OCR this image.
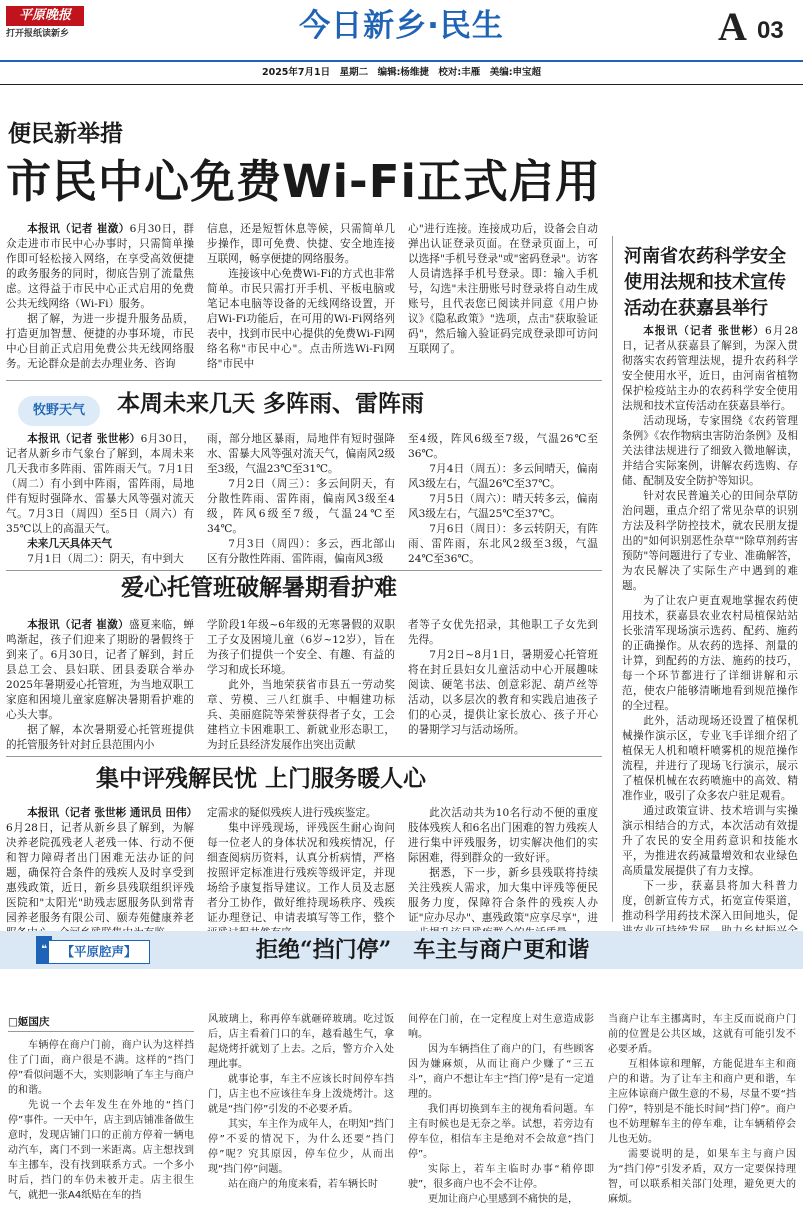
平原晚报
打开报纸读新乡	今日新乡·民生	A 03
2025年7月1日　星期二　编辑:杨维捷　校对:丰雁　美编:申宝超
便民新举措
市民中心免费Wi-Fi正式启用

本报讯（记者 崔潋）6月30日，群众走进市市民中心办事时，只需简单操作即可轻松接入网络，在享受高效便捷的政务服务的同时，彻底告别了流量焦虑。这得益于市民中心正式启用的免费公共无线网络（Wi-Fi）服务。

据了解，为进一步提升服务品质，打造更加智慧、便捷的办事环境，市民中心目前正式启用免费公共无线网络服务。无论群众是前去办理业务、咨询

信息，还是短暂休息等候，只需简单几步操作，即可免费、快捷、安全地连接互联网，畅享便捷的网络服务。

连接该中心免费Wi-Fi的方式也非常简单。市民只需打开手机、平板电脑或笔记本电脑等设备的无线网络设置，开启Wi-Fi功能后，在可用的Wi-Fi网络列表中，找到市民中心提供的免费Wi-Fi网络名称"市民中心"。点击所选Wi-Fi网络"市民中

心"进行连接。连接成功后，设备会自动弹出认证登录页面。在登录页面上，可以选择"手机号登录"或"密码登录"。访客人员请选择手机号登录。即：输入手机号，勾选"未注册账号时登录将自动生成账号，且代表您已阅读并同意《用户协议》《隐私政策》"选项，点击"获取验证码"，然后输入验证码完成登录即可访问互联网了。

河南省农药科学安全使用法规和技术宣传活动在获嘉县举行

本报讯（记者 张世彬）6月28日，记者从获嘉县了解到，为深入贯彻落实农药管理法规，提升农药科学安全使用水平，近日，由河南省植物保护检疫站主办的农药科学安全使用法规和技术宣传活动在获嘉县举行。

活动现场，专家围绕《农药管理条例》《农作物病虫害防治条例》及相关法律法规进行了细致入微地解读，并结合实际案例，讲解农药选购、存储、配制及安全防护等知识。

针对农民普遍关心的田间杂草防治问题，重点介绍了常见杂草的识别方法及科学防控技术，就农民朋友提出的"如何识别恶性杂草""除草剂药害预防"等问题进行了专业、准确解答，为农民解决了实际生产中遇到的难题。

为了让农户更直观地掌握农药使用技术，获嘉县农业农村局植保站站长张清军现场演示选药、配药、施药的正确操作。从农药的选择、剂量的计算，到配药的方法、施药的技巧，每一个环节都进行了详细讲解和示范，使农户能够清晰地看到规范操作的全过程。

此外，活动现场还设置了植保机械操作演示区，专业飞手详细介绍了植保无人机和喷杆喷雾机的规范操作流程，并进行了现场飞行演示，展示了植保机械在农药喷施中的高效、精准作业，吸引了众多农户驻足观看。

通过政策宣讲、技术培训与实操演示相结合的方式，本次活动有效提升了农民的安全用药意识和技能水平，为推进农药减量增效和农业绿色高质量发展提供了有力支撑。

下一步，获嘉县将加大科普力度，创新宣传方式，拓宽宣传渠道，推动科学用药技术深入田间地头，促

牧野天气	本周未来几天 多阵雨、雷阵雨

本报讯（记者 张世彬）6月30日，记者从新乡市气象台了解到，本周未来几天我市多阵雨、雷阵雨天气。7月1日（周二）有小到中阵雨，雷阵雨，局地伴有短时强降水、雷暴大风等强对流天气。7月3日（周四）至5日（周六）有35℃以上的高温天气。

未来几天具体天气

7月1日（周二）：阴天，有中到大

雨，部分地区暴雨，局地伴有短时强降水、雷暴大风等强对流天气，偏南风2级至3级，气温23℃至31℃。

7月2日（周三）：多云间阴天，有分散性阵雨、雷阵雨，偏南风3级至4级，阵风6级至7级，气温24℃至34℃。

7月3日（周四）：多云，西北部山区有分散性阵雨、雷阵雨，偏南风3级

至4级，阵风6级至7级，气温26℃至36℃。

7月4日（周五）：多云间晴天，偏南风3级左右，气温26℃至37℃。

7月5日（周六）：晴天转多云，偏南风3级左右，气温25℃至37℃。

7月6日（周日）：多云转阴天，有阵雨、雷阵雨，东北风2级至3级，气温24℃至36℃。

爱心托管班破解暑期看护难

本报讯（记者 崔潋）盛夏来临，蝉鸣渐起，孩子们迎来了期盼的暑假终于到来了。6月30日，记者了解到，封丘县总工会、县妇联、团县委联合举办2025年暑期爱心托管班，为当地双职工家庭和困境儿童家庭解决暑期看护难的心头大事。

据了解，本次暑期爱心托管班提供的托管服务针对封丘县范围内小

学阶段1年级~6年级的无寒暑假的双职工子女及困境儿童（6岁~12岁），旨在为孩子们提供一个安全、有趣、有益的学习和成长环境。

此外，当地荣获省市县五一劳动奖章、劳模、三八红旗手、中帼建功标兵、美丽庭院等荣誉获得者子女，工会建档立卡困难职工、新就业形态职工，为封丘县经济发展作出突出贡献

者等子女优先招录，其他职工子女先到先得。

7月2日~8月1日，暑期爱心托管班将在封丘县妇女儿童活动中心开展趣味阅读、硬笔书法、创意彩泥、葫芦丝等活动，以多层次的教育和实践启迪孩子们的心灵，提供让家长放心、孩子开心的暑期学习与活动场所。

集中评残解民忧 上门服务暖人心

本报讯（记者 张世彬 通讯员 田伟）6月28日，记者从新乡县了解到，为解决养老院孤残老人老残一体、行动不便和智力障碍者出门困难无法办证的问题，确保符合条件的残疾人及时享受到惠残政策，近日，新乡县残联组织评残医院和"太阳光"助残志愿服务队到常青园养老服务有限公司、颐寿苑健康养老

定需求的疑似残疾人进行残疾鉴定。

集中评残现场，评残医生耐心询问每一位老人的身体状况和残疾情况，仔细查阅病历资料，认真分析病情，严格按照评定标准进行残疾等级评定，并现场给予康复指导建议。工作人员及志愿者分工协作，做好维持现场秩序、残疾证办理登记、申请表填写等工作，整个

此次活动共为10名行动不便的重度肢体残疾人和6名出门困难的智力残疾人进行集中评残服务，切实解决他们的实际困难，得到群众的一致好评。

据悉，下一步，新乡县残联将持续关注残疾人需求，加大集中评残等便民服务力度，保障符合条件的残疾人办证"应办尽办"、惠残政策"应享尽享"，进

❝	【平原腔声】	拒绝“挡门停”　车主与商户更和谐
□姬国庆

车辆停在商户门前，商户认为这样挡住了门面，商户很是不满。这样的“挡门停”看似问题不大，实则影响了车主与商户的和谐。

先说一个去年发生在外地的“挡门停”事件。一天中午，店主到店铺准备做生意时，发现店铺门口的正前方停着一辆电动汽车，离门不到一米距离。店主想找到车主挪车，没有找到联系方式。一个多小时后，挡门的车仍未被开走。店主很生气，就把一张A4纸贴在车的挡

风玻璃上，称再停车就砸碎玻璃。吃过饭后，店主看着门口的车，越看越生气，拿起烧烤扦就划了上去。之后，警方介入处理此事。

就事论事，车主不应该长时间停车挡门，店主也不应该往车身上泼烧烤汁。这就是“挡门停”引发的不必要矛盾。

其实，车主作为成年人，在明知“挡门停”不妥的情况下，为什么还要“挡门停”呢？究其原因，停车位少，从而出现“挡门停”问题。

站在商户的角度来看，若车辆长时

间停在门前，在一定程度上对生意造成影响。

因为车辆挡住了商户的门，有些顾客因为嫌麻烦，从而让商户少赚了“三五斗”，商户不想让车主“挡门停”是有一定道理的。

我们再切换到车主的视角看问题。车主有时候也是无奈之举。试想，若旁边有停车位，相信车主是绝对不会故意“挡门停”。

实际上，若车主临时办事“稍停即驶”，很多商户也不会不让停。

更加让商户心里感到不痛快的是，

当商户让车主挪离时，车主反而说商户门前的位置是公共区域，这就有可能引发不必要矛盾。

互相体谅和理解，方能促进车主和商户的和谐。为了让车主和商户更和谐，车主应体谅商户做生意的不易，尽量不要“挡门停”，特别是不能长时间“挡门停”。商户也不妨理解车主的停车难，让车辆稍停会儿也无妨。

需要说明的是，如果车主与商户因为“挡门停”引发矛盾，双方一定要保持理智，可以联系相关部门处理，避免更大的麻烦。
